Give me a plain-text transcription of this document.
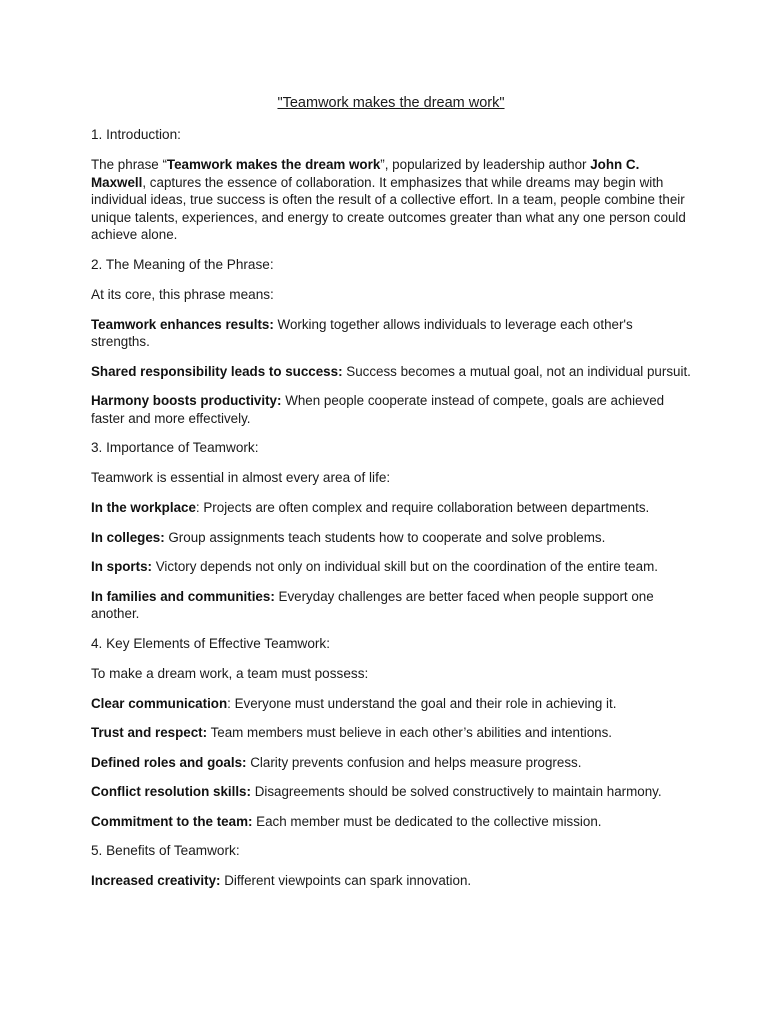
"Teamwork makes the dream work"
1. Introduction:

The phrase “Teamwork makes the dream work”, popularized by leadership author John C. Maxwell, captures the essence of collaboration. It emphasizes that while dreams may begin with individual ideas, true success is often the result of a collective effort. In a team, people combine their unique talents, experiences, and energy to create outcomes greater than what any one person could achieve alone.

2. The Meaning of the Phrase:
At its core, this phrase means:

Teamwork enhances results: Working together allows individuals to leverage each other's strengths.

Shared responsibility leads to success: Success becomes a mutual goal, not an individual pursuit.

Harmony boosts productivity: When people cooperate instead of compete, goals are achieved faster and more effectively.

3. Importance of Teamwork:
Teamwork is essential in almost every area of life:

In the workplace: Projects are often complex and require collaboration between departments.

In colleges: Group assignments teach students how to cooperate and solve problems.

In sports: Victory depends not only on individual skill but on the coordination of the entire team.

In families and communities: Everyday challenges are better faced when people support one another.

4. Key Elements of Effective Teamwork:
To make a dream work, a team must possess:

Clear communication: Everyone must understand the goal and their role in achieving it.

Trust and respect: Team members must believe in each other’s abilities and intentions.

Defined roles and goals: Clarity prevents confusion and helps measure progress.

Conflict resolution skills: Disagreements should be solved constructively to maintain harmony.

Commitment to the team: Each member must be dedicated to the collective mission.

5. Benefits of Teamwork:

Increased creativity: Different viewpoints can spark innovation.
